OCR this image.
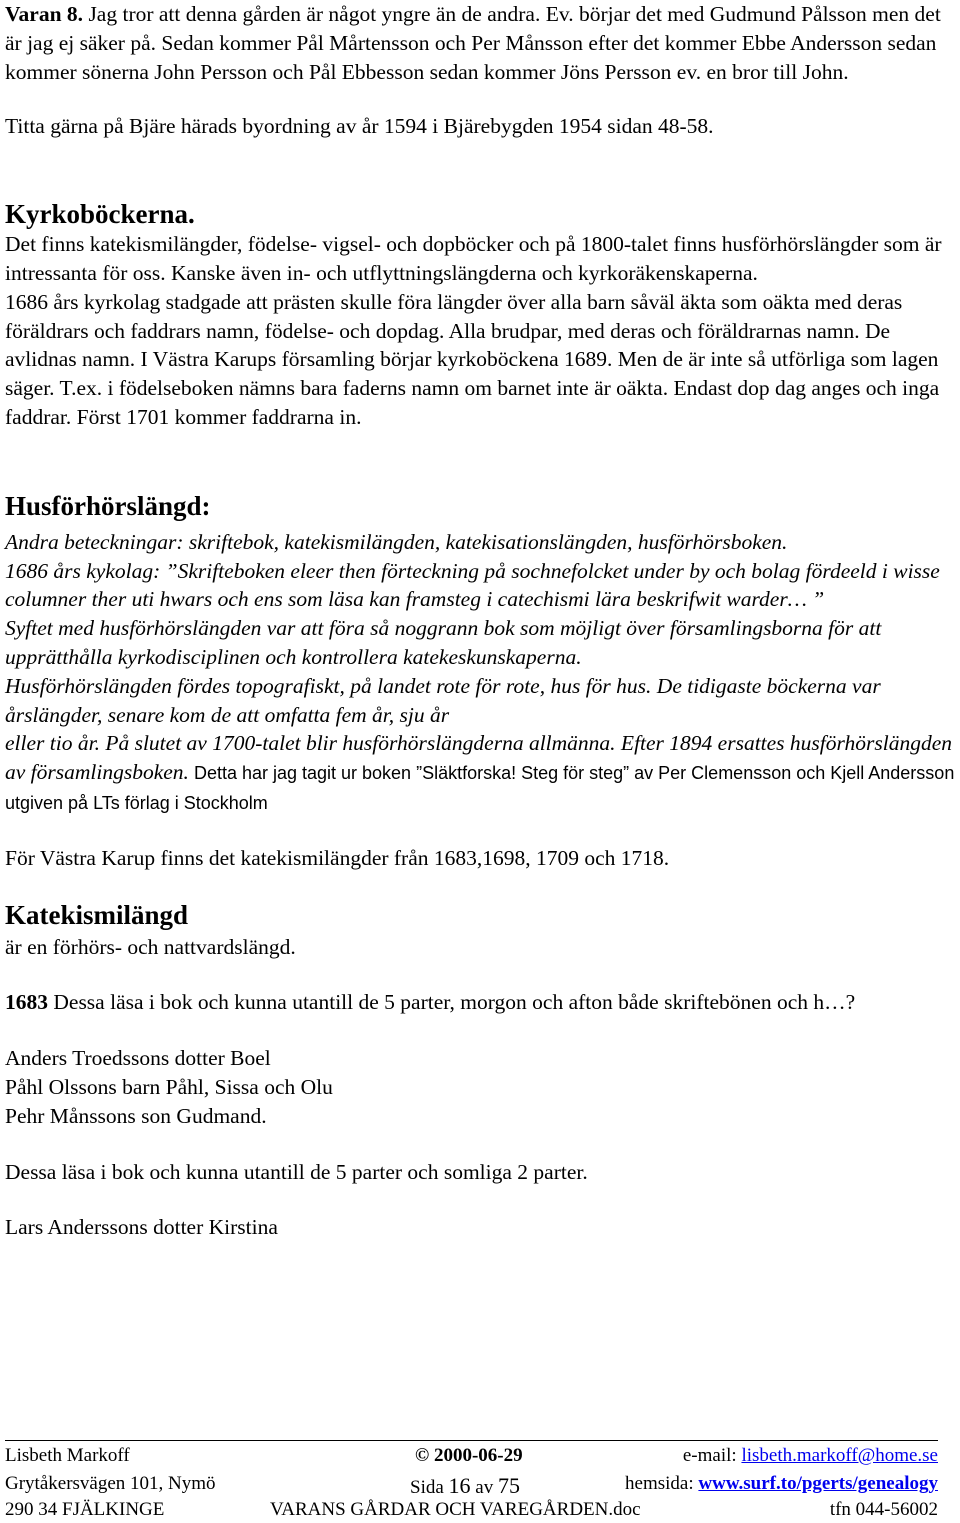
Varan 8. Jag tror att denna gården är något yngre än de andra. Ev. börjar det med Gudmund Pålsson men det är jag ej säker på. Sedan kommer Pål Mårtensson och Per Månsson efter det kommer Ebbe Andersson sedan kommer sönerna John Persson och Pål Ebbesson sedan kommer Jöns Persson ev. en bror till John.

Titta gärna på Bjäre härads byordning av år 1594 i Bjärebygden 1954 sidan 48-58.

Kyrkoböckerna.

Det finns katekismilängder, födelse- vigsel- och dopböcker och på 1800-talet finns husförhörslängder som är intressanta för oss. Kanske även in- och utflyttningslängderna och kyrkoräkenskaperna.

1686 års kyrkolag stadgade att prästen skulle föra längder över alla barn såväl äkta som oäkta med deras föräldrars och faddrars namn, födelse- och dopdag. Alla brudpar, med deras och föräldrarnas namn. De avlidnas namn. I Västra Karups församling börjar kyrkoböckena 1689. Men de är inte så utförliga som lagen säger. T.ex. i födelseboken nämns bara faderns namn om barnet inte är oäkta. Endast dop dag anges och inga faddrar. Först 1701 kommer faddrarna in.

Husförhörslängd:

Andra beteckningar: skriftebok, katekismilängden, katekisationslängden, husförhörsboken.

1686 års kykolag: ”Skrifteboken eleer then förteckning på sochnefolcket under by och bolag fördeeld i wisse columner ther uti hwars och ens som läsa kan framsteg i catechismi lära beskrifwit warder… ”

Syftet med husförhörslängden var att föra så noggrann bok som möjligt över församlingsborna för att upprätthålla kyrkodisciplinen och kontrollera katekeskunskaperna.

Husförhörslängden fördes topografiskt, på landet rote för rote, hus för hus. De tidigaste böckerna var årslängder, senare kom de att omfatta fem år, sju år

eller tio år. På slutet av 1700-talet blir husförhörslängderna allmänna. Efter 1894 ersattes husförhörslängden av församlingsboken. Detta har jag tagit ur boken ”Släktforska! Steg för steg” av Per Clemensson och Kjell Andersson utgiven på LTs förlag i Stockholm

För Västra Karup finns det katekismilängder från 1683,1698, 1709 och 1718.

Katekismilängd

är en förhörs- och nattvardslängd.

1683 Dessa läsa i bok och kunna utantill de 5 parter, morgon och afton både skriftebönen och h…?

Anders Troedssons dotter Boel

Påhl Olssons barn Påhl, Sissa och Olu

Pehr Månssons son Gudmand.

Dessa läsa i bok och kunna utantill de 5 parter och somliga 2 parter.

Lars Anderssons dotter Kirstina

Lisbeth Markoff	© 2000-06-29	e-mail: lisbeth.markoff@home.se
Grytåkersvägen 101, Nymö	Sida 16 av 75	hemsida: www.surf.to/pgerts/genealogy
290 34 FJÄLKINGE	VARANS GÅRDAR OCH VAREGÅRDEN.doc	tfn 044-56002
